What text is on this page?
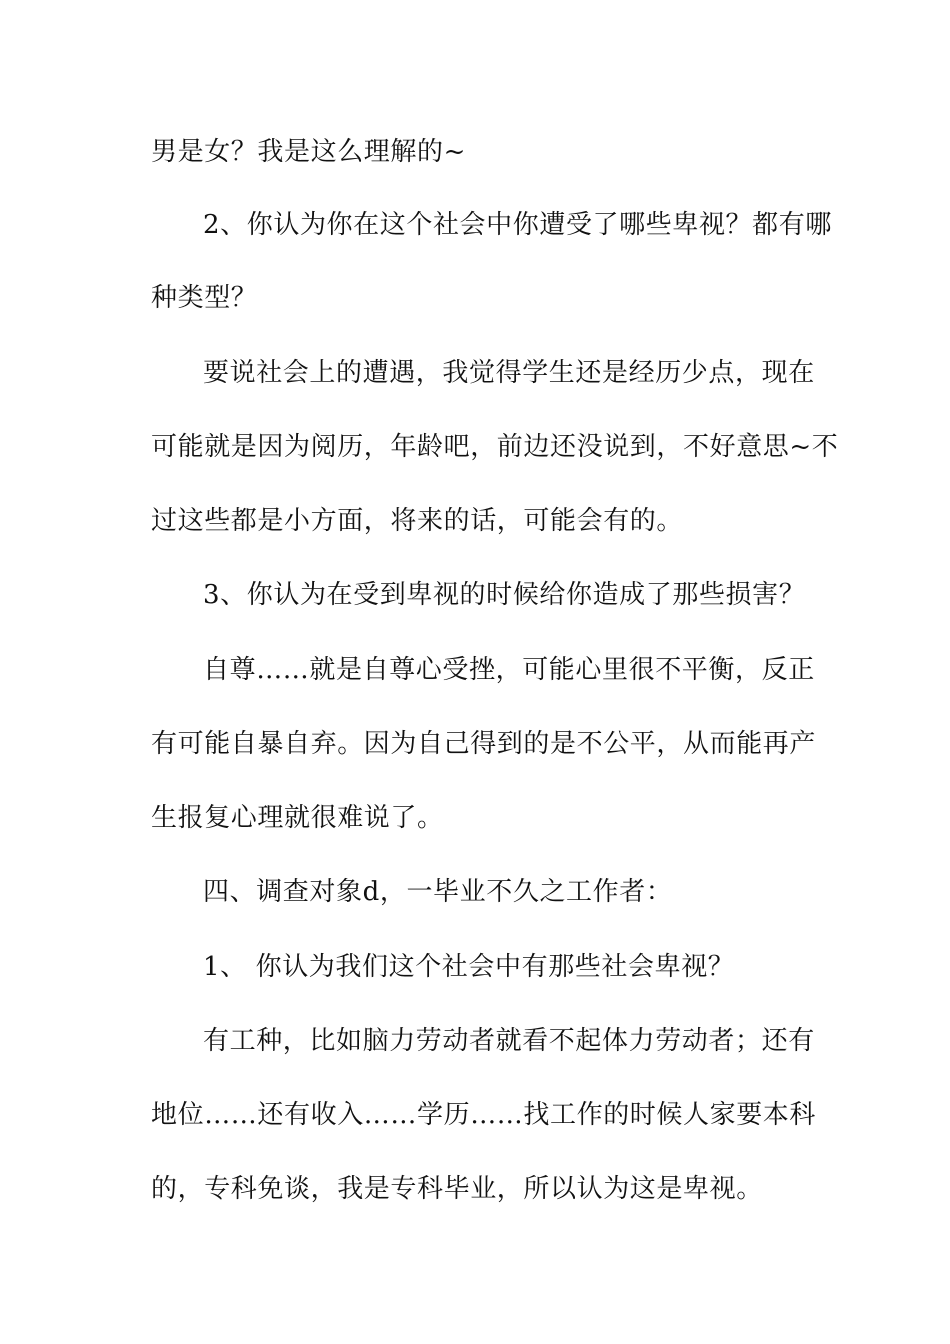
男是女？我是这么理解的~
2、你认为你在这个社会中你遭受了哪些卑视？都有哪
种类型？
要说社会上的遭遇，我觉得学生还是经历少点，现在
可能就是因为阅历，年龄吧，前边还没说到，不好意思~不
过这些都是小方面，将来的话，可能会有的。
3、你认为在受到卑视的时候给你造成了那些损害？
自尊……就是自尊心受挫，可能心里很不平衡，反正
有可能自暴自弃。因为自己得到的是不公平，从而能再产
生报复心理就很难说了。
四、调查对象d，一毕业不久之工作者：
1、 你认为我们这个社会中有那些社会卑视？
有工种，比如脑力劳动者就看不起体力劳动者；还有
地位……还有收入……学历……找工作的时候人家要本科
的，专科免谈，我是专科毕业，所以认为这是卑视。
